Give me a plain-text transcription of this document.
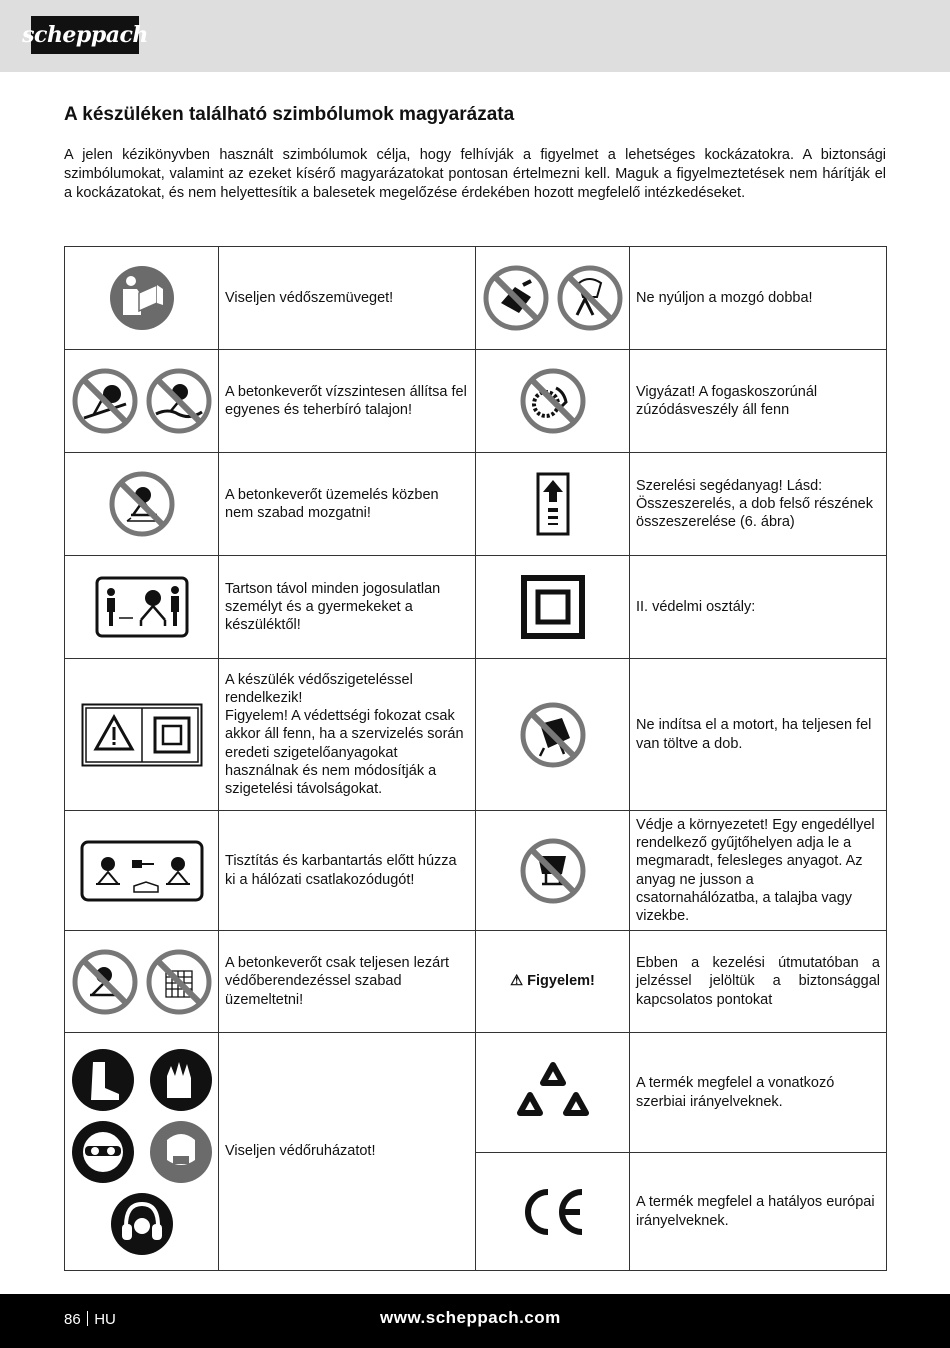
scheppach
A készüléken található szimbólumok magyarázata

A jelen kézikönyvben használt szimbólumok célja, hogy felhívják a figyelmet a lehetséges kockázatokra. A biztonsági szimbólumokat, valamint az ezeket kísérő magyarázatokat pontosan értelmezni kell. Maguk a figyelmeztetések nem hárítják el a kockázatokat, és nem helyettesítik a balesetek megelőzése érdekében hozott megfelelő intézkedéseket.

	Viseljen védőszemüveget!		Ne nyúljon a mozgó dobba!

	A betonkeverőt vízszintesen állítsa fel egyenes és teherbíró talajon!		Vigyázat! A fogaskoszorúnál zúzódásveszély áll fenn

	A betonkeverőt üzemelés közben nem szabad mozgatni!		Szerelési segédanyag! Lásd: Összeszerelés, a dob felső részének összeszerelése (6. ábra)

	Tartson távol minden jogosulatlan személyt és a gyermekeket a készüléktől!		II. védelmi osztály:

A készülék védőszigeteléssel rendelkezik!
Figyelem! A védettségi fokozat csak akkor áll fenn, ha a szervizelés során eredeti szigetelőanyagokat használnak és nem módosítják a szigetelési távolságokat.		Ne indítsa el a motort, ha teljesen fel van töltve a dob.

	Tisztítás és karbantartás előtt húzza ki a hálózati csatlakozódugót!		Védje a környezetet! Egy engedéllyel rendelkező gyűjtőhelyen adja le a megmaradt, felesleges anyagot. Az anyag ne jusson a csatornahálózatba, a talajba vagy vizekbe.

	A betonkeverőt csak teljesen lezárt védőberendezéssel szabad üzemeltetni!	⚠ Figyelem!	Ebben a kezelési útmutatóban a jelzéssel jelöltük a biztonsággal kapcsolatos pontokat

	Viseljen védőruházatot!		A termék megfelel a vonatkozó szerbiai irányelveknek.

	A termék megfelel a hatályos európai irányelveknek.
86 HU	www.scheppach.com
